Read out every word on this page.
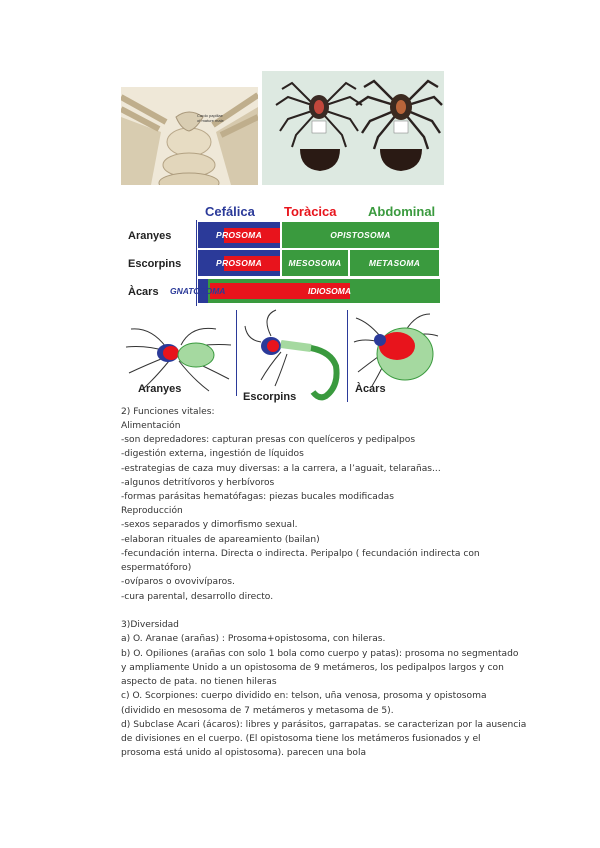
Cardo papillae
of mature male
Cefálica Toràcica Abdominal
Aranyes	PROSOMA	OPISTOSOMA
Escorpins	PROSOMA	MESOSOMA	METASOMA
Àcars GNATOSOMA	IDIOSOMA
Aranyes
Escorpins
Àcars
2) Funciones vitales:
Alimentación
-son depredadores: capturan presas con quelíceros y pedipalpos
-digestión externa, ingestión de líquidos
-estrategias de caza muy diversas: a la carrera, a l’aguait, telarañas...
-algunos detritívoros y herbívoros
-formas parásitas hematófagas: piezas bucales modificadas
Reproducción
-sexos separados y dimorfismo sexual.
-elaboran rituales de apareamiento (bailan)
-fecundación interna. Directa o indirecta. Peripalpo ( fecundación indirecta con
espermatóforo)
-ovíparos o ovovivíparos.
-cura parental, desarrollo directo.
3)Diversidad
a) O. Aranae (arañas) : Prosoma+opistosoma, con hileras.
b) O. Opiliones (arañas con solo 1 bola como cuerpo y patas): prosoma no segmentado
y ampliamente Unido a un opistosoma de 9 metámeros, los pedipalpos largos y con
aspecto de pata. no tienen hileras
c) O. Scorpiones: cuerpo dividido en: telson, uña venosa, prosoma y opistosoma
(dividido en mesosoma de 7 metámeros y metasoma de 5).
d) Subclase Acari (ácaros): libres y parásitos, garrapatas. se caracterizan por la ausencia
de divisiones en el cuerpo. (El opistosoma tiene los metámeros fusionados y el
prosoma está unido al opistosoma). parecen una bola
